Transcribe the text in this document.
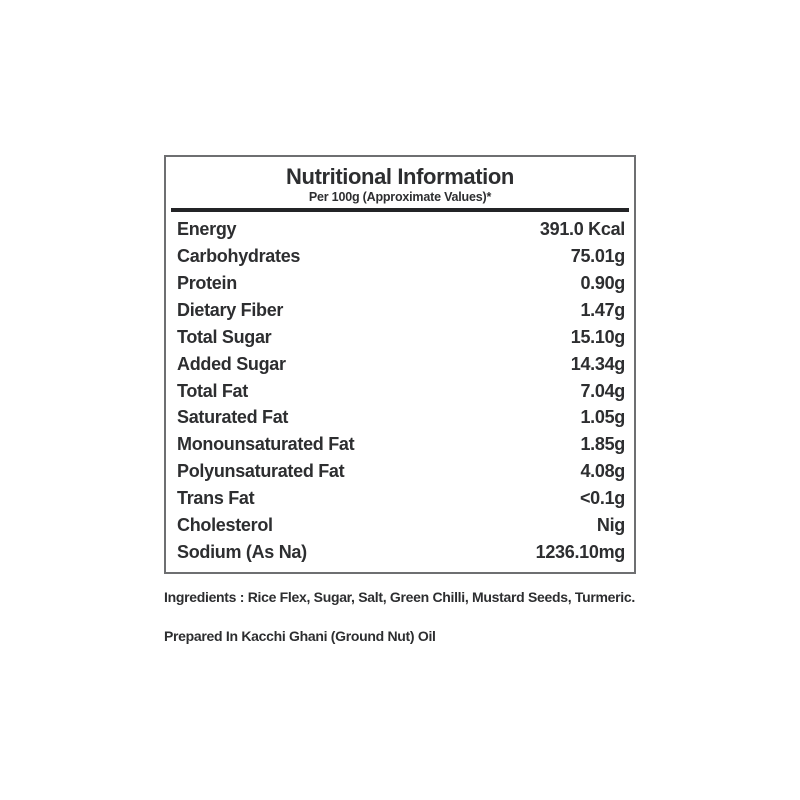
Nutritional Information
Per 100g (Approximate Values)*
Energy	391.0 Kcal
Carbohydrates	75.01g
Protein	0.90g
Dietary Fiber	1.47g
Total Sugar	15.10g
Added Sugar	14.34g
Total Fat	7.04g
Saturated Fat	1.05g
Monounsaturated Fat	1.85g
Polyunsaturated Fat	4.08g
Trans Fat	<0.1g
Cholesterol	Nig
Sodium (As Na)	1236.10mg
Ingredients : Rice Flex, Sugar, Salt, Green Chilli, Mustard Seeds, Turmeric.
Prepared In Kacchi Ghani (Ground Nut) Oil
